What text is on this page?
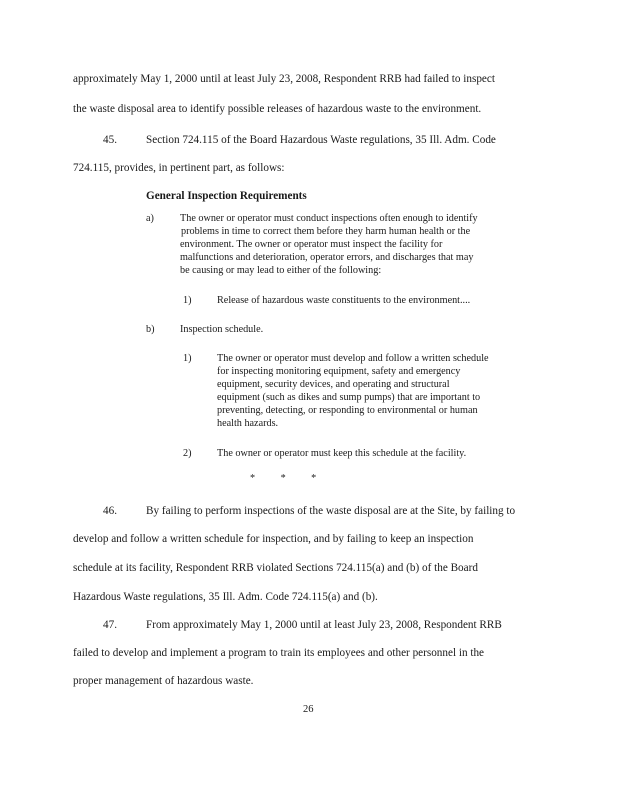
approximately May 1, 2000 until at least July 23, 2008, Respondent RRB had failed to inspect
the waste disposal area to identify possible releases of hazardous waste to the environment.
45.	Section 724.115 of the Board Hazardous Waste regulations, 35 Ill. Adm. Code
724.115, provides, in pertinent part, as follows:
General Inspection Requirements
a)	The owner or operator must conduct inspections often enough to identify
problems in time to correct them before they harm human health or the
environment. The owner or operator must inspect the facility for
malfunctions and deterioration, operator errors, and discharges that may
be causing or may lead to either of the following:
1)	Release of hazardous waste constituents to the environment....
b)	Inspection schedule.
1)	The owner or operator must develop and follow a written schedule
for inspecting monitoring equipment, safety and emergency
equipment, security devices, and operating and structural
equipment (such as dikes and sump pumps) that are important to
preventing, detecting, or responding to environmental or human
health hazards.
2)	The owner or operator must keep this schedule at the facility.
*          *          *
46.	By failing to perform inspections of the waste disposal are at the Site, by failing to
develop and follow a written schedule for inspection, and by failing to keep an inspection
schedule at its facility, Respondent RRB violated Sections 724.115(a) and (b) of the Board
Hazardous Waste regulations, 35 Ill. Adm. Code 724.115(a) and (b).
47.	From approximately May 1, 2000 until at least July 23, 2008, Respondent RRB
failed to develop and implement a program to train its employees and other personnel in the
proper management of hazardous waste.
26
